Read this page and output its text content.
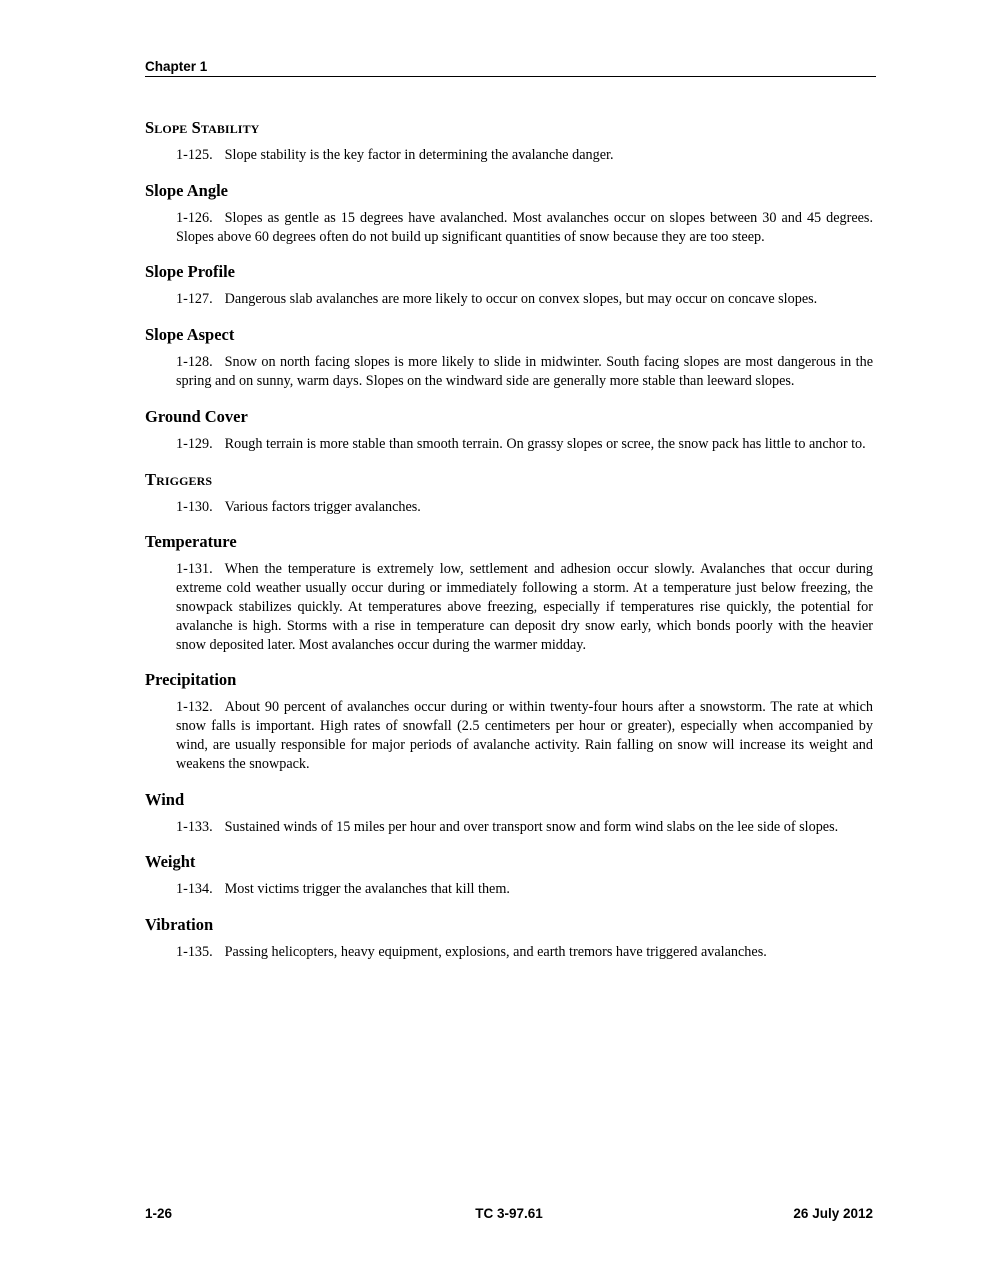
Chapter 1
Slope Stability

1-125. Slope stability is the key factor in determining the avalanche danger.

Slope Angle

1-126. Slopes as gentle as 15 degrees have avalanched. Most avalanches occur on slopes between 30 and 45 degrees. Slopes above 60 degrees often do not build up significant quantities of snow because they are too steep.

Slope Profile

1-127. Dangerous slab avalanches are more likely to occur on convex slopes, but may occur on concave slopes.

Slope Aspect

1-128. Snow on north facing slopes is more likely to slide in midwinter. South facing slopes are most dangerous in the spring and on sunny, warm days. Slopes on the windward side are generally more stable than leeward slopes.

Ground Cover

1-129. Rough terrain is more stable than smooth terrain. On grassy slopes or scree, the snow pack has little to anchor to.

Triggers

1-130. Various factors trigger avalanches.

Temperature

1-131. When the temperature is extremely low, settlement and adhesion occur slowly. Avalanches that occur during extreme cold weather usually occur during or immediately following a storm. At a temperature just below freezing, the snowpack stabilizes quickly. At temperatures above freezing, especially if temperatures rise quickly, the potential for avalanche is high. Storms with a rise in temperature can deposit dry snow early, which bonds poorly with the heavier snow deposited later. Most avalanches occur during the warmer midday.

Precipitation

1-132. About 90 percent of avalanches occur during or within twenty-four hours after a snowstorm. The rate at which snow falls is important. High rates of snowfall (2.5 centimeters per hour or greater), especially when accompanied by wind, are usually responsible for major periods of avalanche activity. Rain falling on snow will increase its weight and weakens the snowpack.

Wind

1-133. Sustained winds of 15 miles per hour and over transport snow and form wind slabs on the lee side of slopes.

Weight

1-134. Most victims trigger the avalanches that kill them.

Vibration

1-135. Passing helicopters, heavy equipment, explosions, and earth tremors have triggered avalanches.

1-26	TC 3-97.61	26 July 2012
